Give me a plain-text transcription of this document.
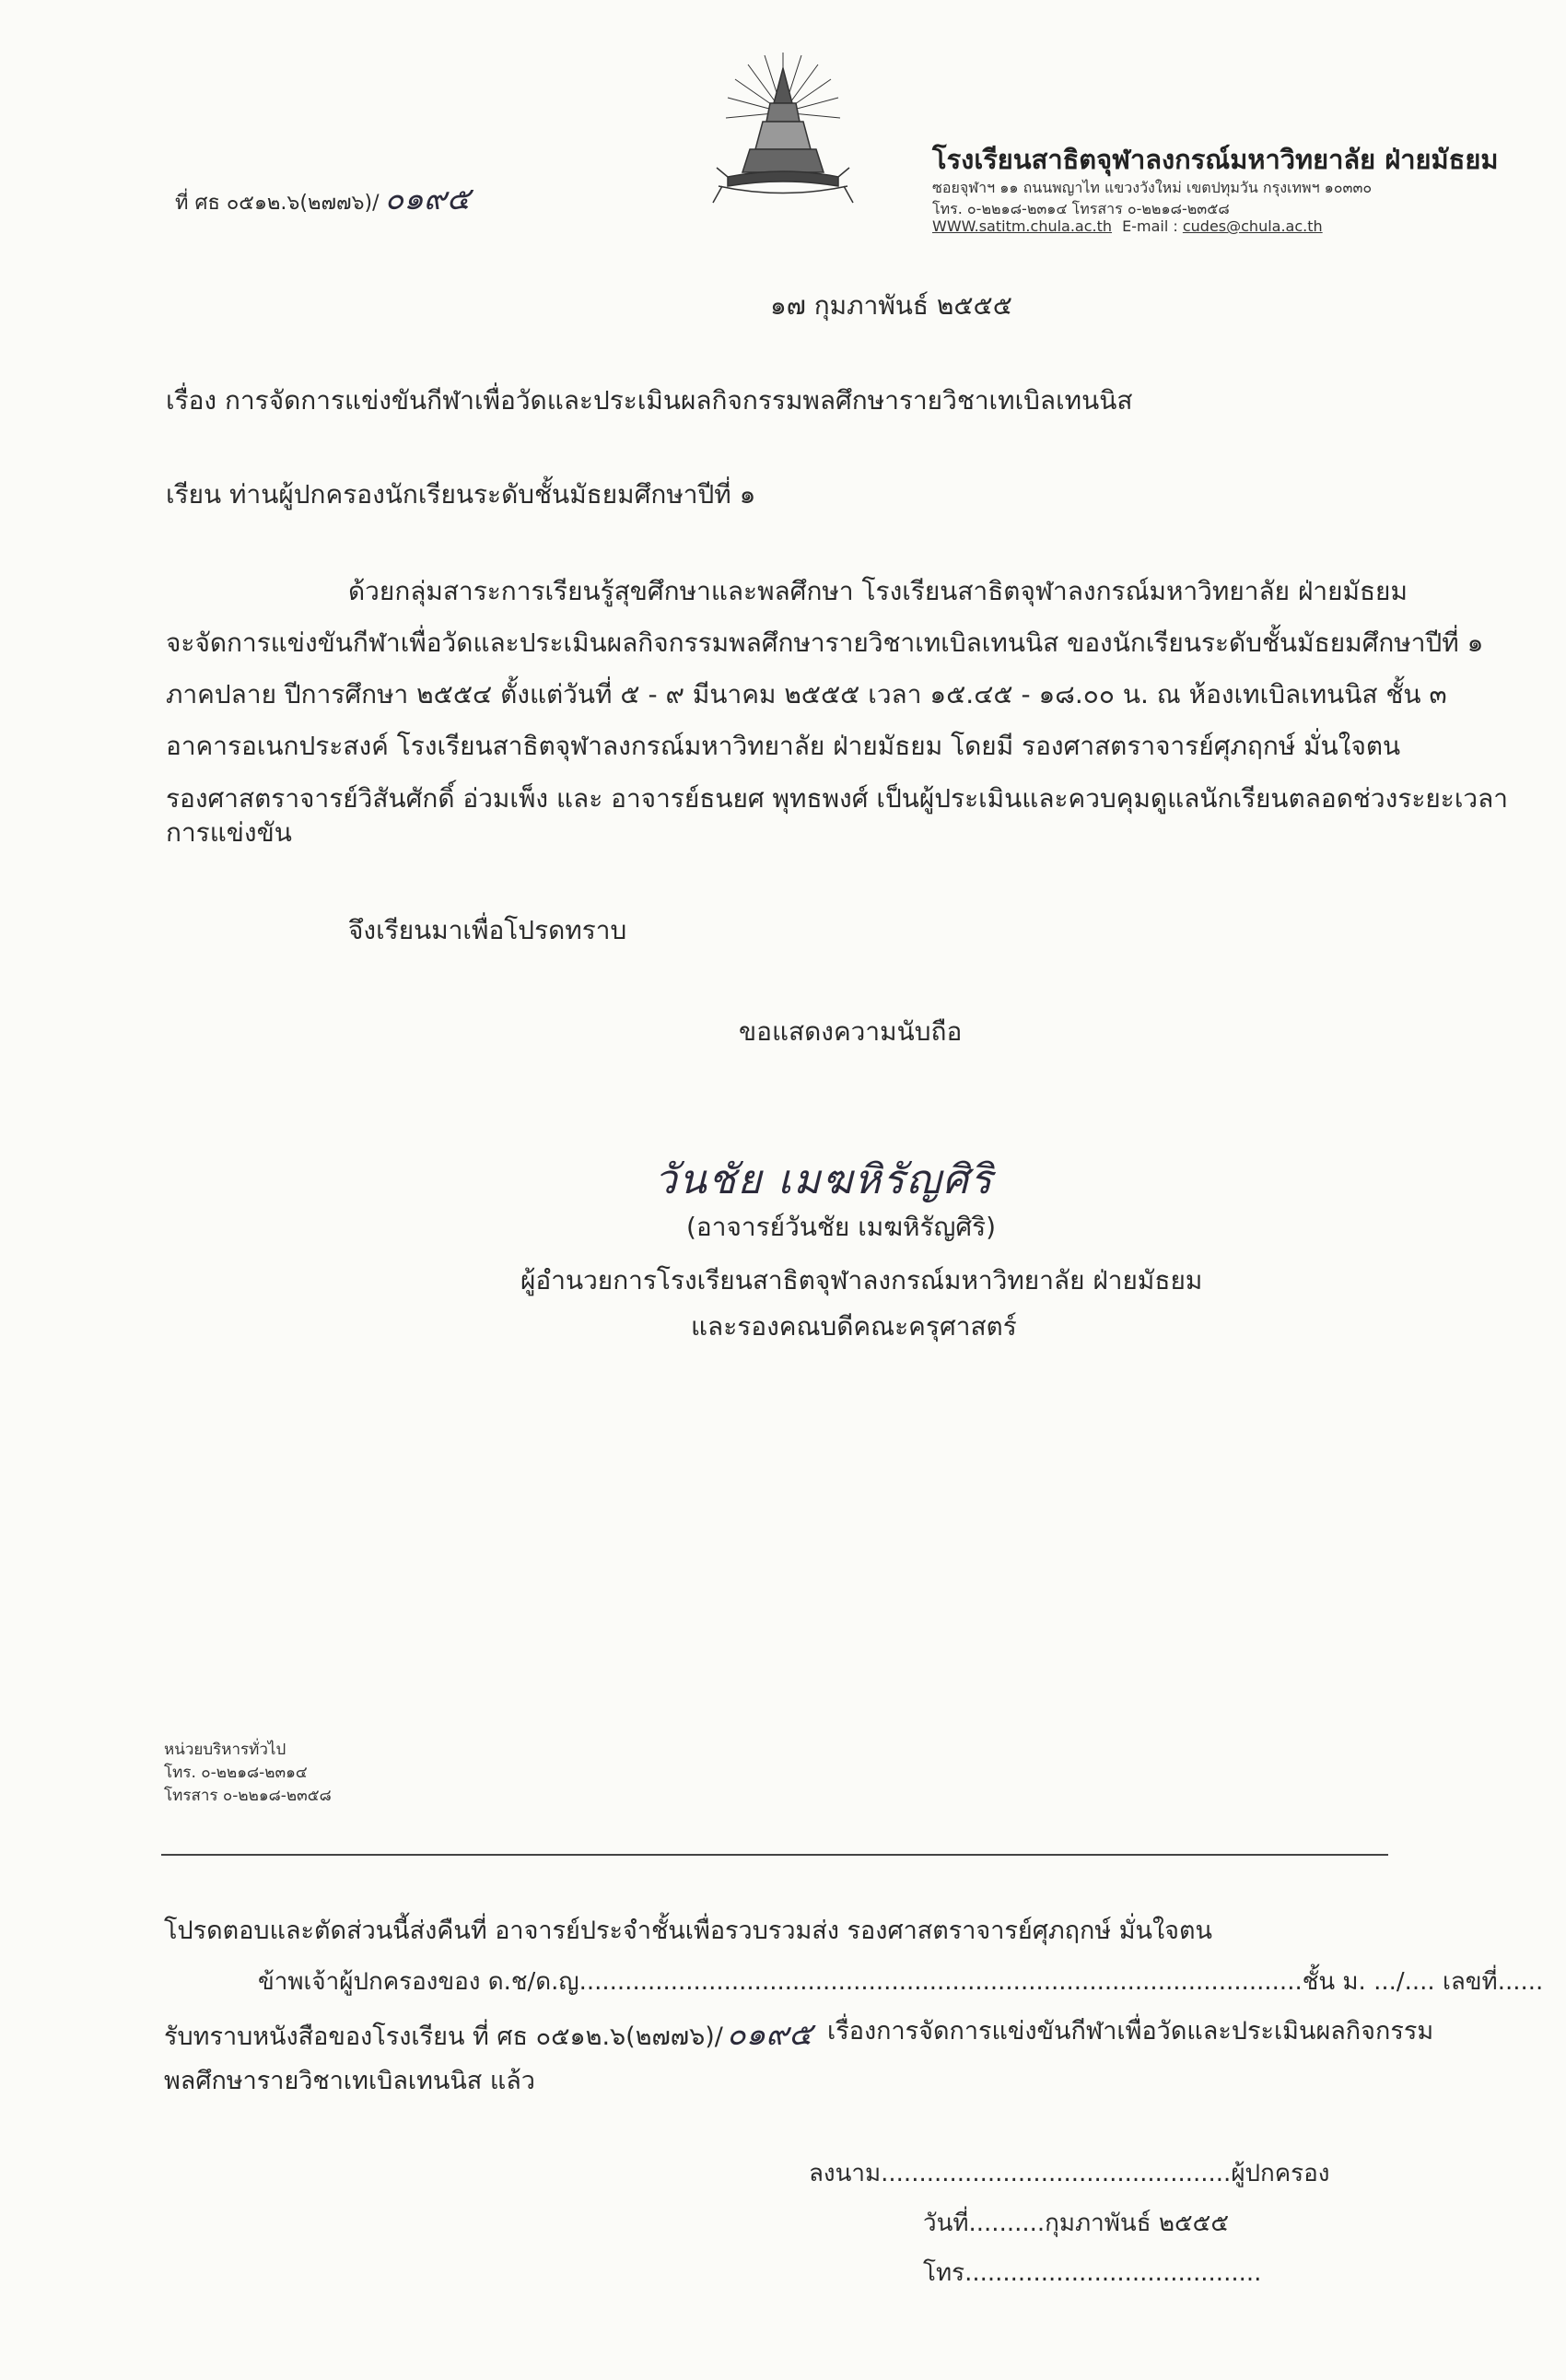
ที่ ศธ ๐๕๑๒.๖(๒๗๗๖)/ ๐๑๙๕
โรงเรียนสาธิตจุฬาลงกรณ์มหาวิทยาลัย ฝ่ายมัธยม
ซอยจุฬาฯ ๑๑ ถนนพญาไท แขวงวังใหม่ เขตปทุมวัน กรุงเทพฯ ๑๐๓๓๐
โทร. ๐-๒๒๑๘-๒๓๑๔ โทรสาร ๐-๒๒๑๘-๒๓๕๘
WWW.satitm.chula.ac.th E-mail : cudes@chula.ac.th
๑๗ กุมภาพันธ์ ๒๕๕๕
เรื่อง การจัดการแข่งขันกีฬาเพื่อวัดและประเมินผลกิจกรรมพลศึกษารายวิชาเทเบิลเทนนิส
เรียน ท่านผู้ปกครองนักเรียนระดับชั้นมัธยมศึกษาปีที่ ๑
ด้วยกลุ่มสาระการเรียนรู้สุขศึกษาและพลศึกษา โรงเรียนสาธิตจุฬาลงกรณ์มหาวิทยาลัย ฝ่ายมัธยม
จะจัดการแข่งขันกีฬาเพื่อวัดและประเมินผลกิจกรรมพลศึกษารายวิชาเทเบิลเทนนิส ของนักเรียนระดับชั้นมัธยมศึกษาปีที่ ๑
ภาคปลาย ปีการศึกษา ๒๕๕๔ ตั้งแต่วันที่ ๕ - ๙ มีนาคม ๒๕๕๕ เวลา ๑๕.๔๕ - ๑๘.๐๐ น. ณ ห้องเทเบิลเทนนิส ชั้น ๓
อาคารอเนกประสงค์ โรงเรียนสาธิตจุฬาลงกรณ์มหาวิทยาลัย ฝ่ายมัธยม โดยมี รองศาสตราจารย์ศุภฤกษ์ มั่นใจตน
รองศาสตราจารย์วิสันศักดิ์ อ่วมเพ็ง และ อาจารย์ธนยศ พุทธพงศ์ เป็นผู้ประเมินและควบคุมดูแลนักเรียนตลอดช่วงระยะเวลา
การแข่งขัน
จึงเรียนมาเพื่อโปรดทราบ
ขอแสดงความนับถือ
วันชัย เมฆหิรัญศิริ
(อาจารย์วันชัย เมฆหิรัญศิริ)
ผู้อำนวยการโรงเรียนสาธิตจุฬาลงกรณ์มหาวิทยาลัย ฝ่ายมัธยม
และรองคณบดีคณะครุศาสตร์
หน่วยบริหารทั่วไป
โทร. ๐-๒๒๑๘-๒๓๑๔
โทรสาร ๐-๒๒๑๘-๒๓๕๘
โปรดตอบและตัดส่วนนี้ส่งคืนที่ อาจารย์ประจำชั้นเพื่อรวบรวมส่ง รองศาสตราจารย์ศุภฤกษ์ มั่นใจตน
ข้าพเจ้าผู้ปกครองของ ด.ช/ด.ญ...............................................................................................ชั้น ม. .../.... เลขที่......
รับทราบหนังสือของโรงเรียน ที่ ศธ ๐๕๑๒.๖(๒๗๗๖)/ ๐๑๙๕ เรื่องการจัดการแข่งขันกีฬาเพื่อวัดและประเมินผลกิจกรรม
พลศึกษารายวิชาเทเบิลเทนนิส แล้ว
ลงนาม..............................................ผู้ปกครอง
วันที่..........กุมภาพันธ์ ๒๕๕๕
โทร.......................................
